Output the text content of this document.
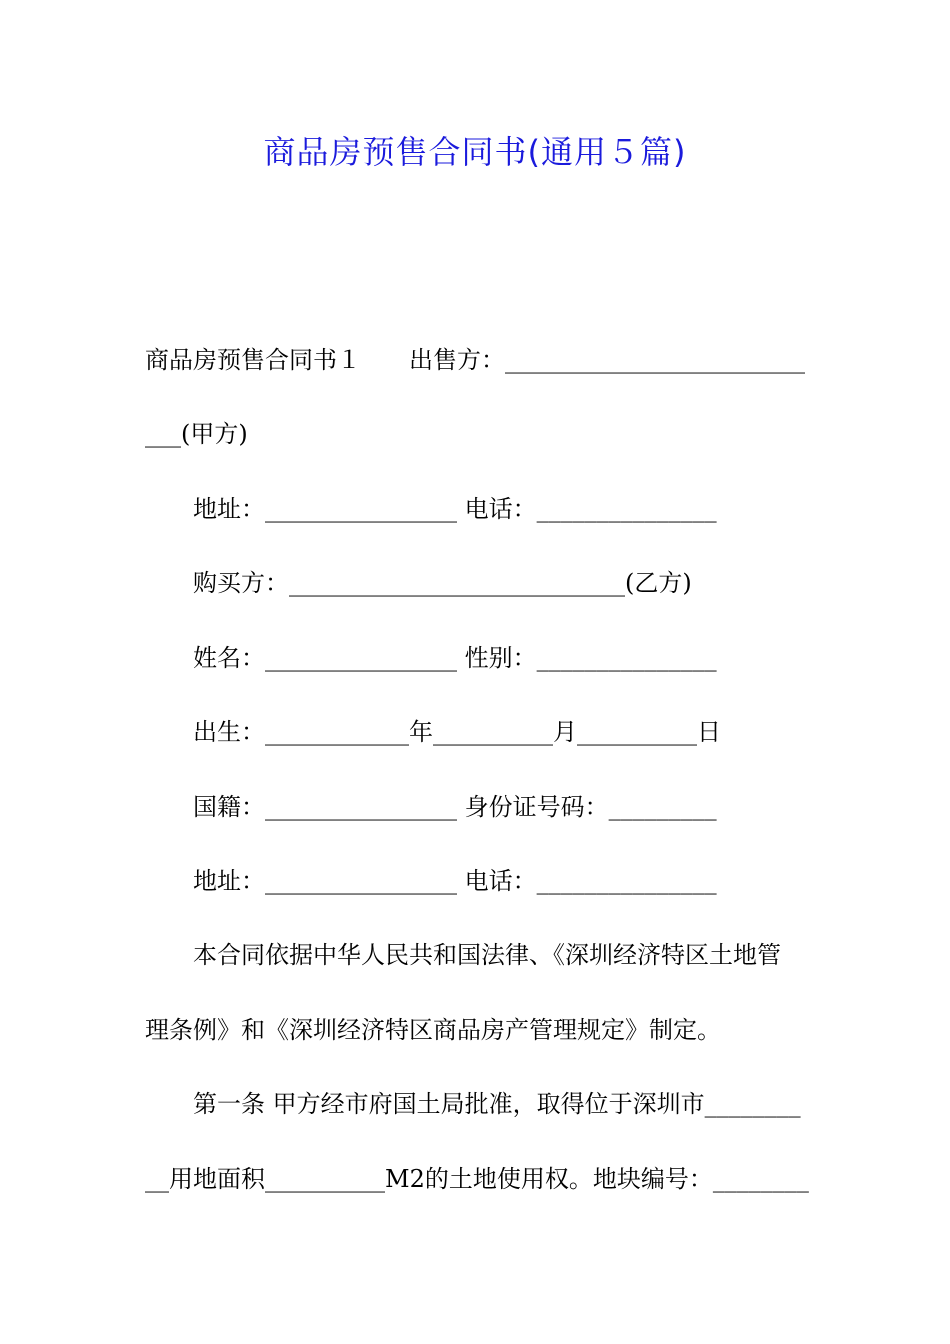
商品房预售合同书(通用５篇)
商品房预售合同书１　　出售方：_________________________
___(甲方)
地址：________________ 电话：_______________
购买方：____________________________(乙方)
姓名：________________ 性别：_______________
出生：____________年__________月__________日
国籍：________________ 身份证号码：_________
地址：________________ 电话：_______________
本合同依据中华人民共和国法律、《深圳经济特区土地管
理条例》和《深圳经济特区商品房产管理规定》制定。
第一条 甲方经市府国土局批准，取得位于深圳市________
__用地面积__________M2的土地使用权。地块编号：________
